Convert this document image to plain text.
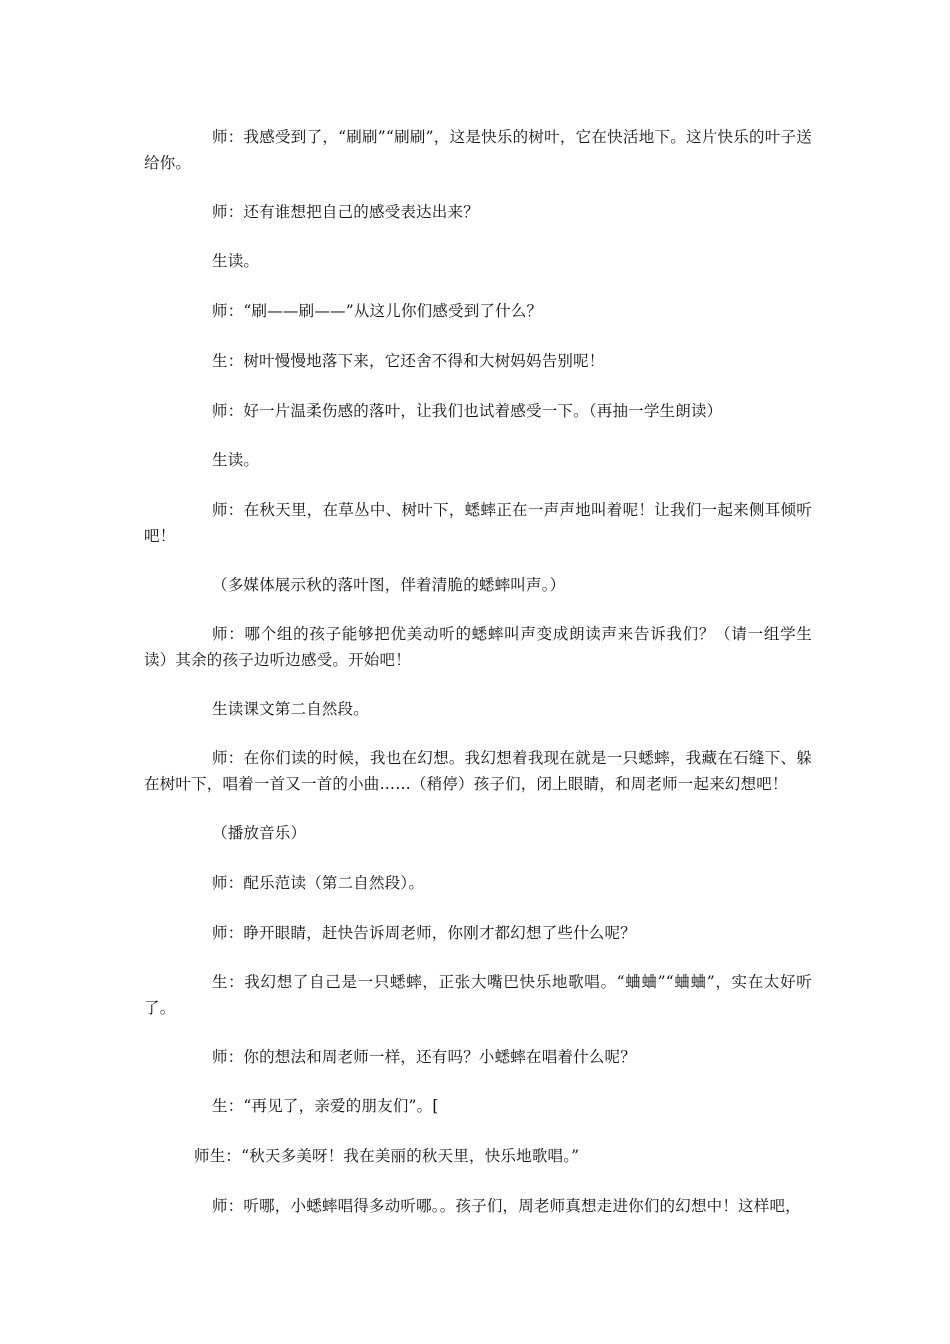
师：我感受到了，“刷刷”“刷刷”，这是快乐的树叶，它在快活地下。这片快乐的叶子送给你。

师：还有谁想把自己的感受表达出来？

生读。

师：“刷——刷——”从这儿你们感受到了什么？

生：树叶慢慢地落下来，它还舍不得和大树妈妈告别呢！

师：好一片温柔伤感的落叶，让我们也试着感受一下。（再抽一学生朗读）

生读。

师：在秋天里，在草丛中、树叶下，蟋蟀正在一声声地叫着呢！让我们一起来侧耳倾听吧！

（多媒体展示秋的落叶图，伴着清脆的蟋蟀叫声。）

师：哪个组的孩子能够把优美动听的蟋蟀叫声变成朗读声来告诉我们？（请一组学生读）其余的孩子边听边感受。开始吧！

生读课文第二自然段。

师：在你们读的时候，我也在幻想。我幻想着我现在就是一只蟋蟀，我藏在石缝下、躲在树叶下，唱着一首又一首的小曲……（稍停）孩子们，闭上眼睛，和周老师一起来幻想吧！

（播放音乐）

师：配乐范读（第二自然段）。

师：睁开眼睛，赶快告诉周老师，你刚才都幻想了些什么呢？

生：我幻想了自己是一只蟋蟀，正张大嘴巴快乐地歌唱。“蛐蛐”“蛐蛐”，实在太好听了。

师：你的想法和周老师一样，还有吗？小蟋蟀在唱着什么呢？

生：“再见了，亲爱的朋友们”。[

师生：“秋天多美呀！我在美丽的秋天里，快乐地歌唱。”

师：听哪，小蟋蟀唱得多动听哪。。孩子们，周老师真想走进你们的幻想中！这样吧，
